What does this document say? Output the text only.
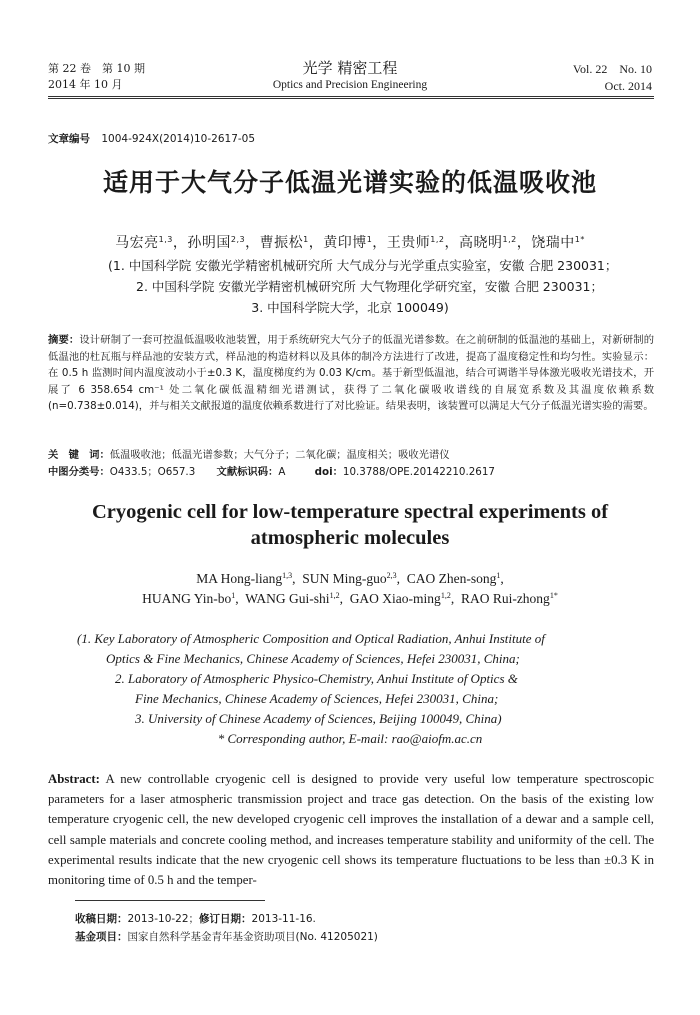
第 22 卷　第 10 期
2014 年 10 月
光学 精密工程
Optics and Precision Engineering
Vol. 22　No. 10
Oct. 2014
文章编号 1004-924X(2014)10-2617-05
适用于大气分子低温光谱实验的低温吸收池
马宏亮$^{1,3}$，孙明国$^{2,3}$，曹振松$^1$，黄印博$^1$，王贵师$^{1,2}$，高晓明$^{1,2}$，饶瑞中$^{1*}$
(1. 中国科学院 安徽光学精密机械研究所 大气成分与光学重点实验室，安徽 合肥 230031；
2. 中国科学院 安徽光学精密机械研究所 大气物理化学研究室，安徽 合肥 230031；
3. 中国科学院大学，北京 100049)
摘要：设计研制了一套可控温低温吸收池装置，用于系统研究大气分子的低温光谱参数。在之前研制的低温池的基础上，对新研制的低温池的杜瓦瓶与样品池的安装方式，样品池的构造材料以及具体的制冷方法进行了改进，提高了温度稳定性和均匀性。实验显示：在 0.5 h 监测时间内温度波动小于±0.3 K，温度梯度约为 0.03 K/cm。基于新型低温池，结合可调谐半导体激光吸收光谱技术，开展了 6 358.654 cm⁻¹ 处二氧化碳低温精细光谱测试，获得了二氧化碳吸收谱线的自展宽系数及其温度依赖系数(n=0.738±0.014)，并与相关文献报道的温度依赖系数进行了对比验证。结果表明，该装置可以满足大气分子低温光谱实验的需要。
关　键　词：低温吸收池；低温光谱参数；大气分子；二氧化碳；温度相关；吸收光谱仪
中图分类号：O433.5；O657.3 文献标识码：A	doi：10.3788/OPE.20142210.2617
Cryogenic cell for low-temperature spectral experiments of
atmospheric molecules
MA Hong-liang$^{1,3}$,  SUN Ming-guo$^{2,3}$,  CAO Zhen-song$^1$,
HUANG Yin-$bo^1$,  WANG Gui-shi$^{1,2}$,  GAO Xiao-ming$^{1,2}$,  RAO Rui-zhong$^{1*}$
(1. Key Laboratory of Atmospheric Composition and Optical Radiation, Anhui Institute of
Optics & Fine Mechanics, Chinese Academy of Sciences, Hefei 230031, China;
2. Laboratory of Atmospheric Physico-Chemistry, Anhui Institute of Optics &
Fine Mechanics, Chinese Academy of Sciences, Hefei 230031, China;
3. University of Chinese Academy of Sciences, Beijing 100049, China)
* Corresponding author, E-mail: rao@aiofm.ac.cn
Abstract: A new controllable cryogenic cell is designed to provide very useful low temperature spectroscopic parameters for a laser atmospheric transmission project and trace gas detection. On the basis of the existing low temperature cryogenic cell, the new developed cryogenic cell improves the installation of a dewar and a sample cell, cell sample materials and concrete cooling method, and increases temperature stability and uniformity of the cell. The experimental results indicate that the new cryogenic cell shows its temperature fluctuations to be less than ±0.3 K in monitoring time of 0.5 h and the temper-
收稿日期：2013-10-22；修订日期：2013-11-16.
基金项目：国家自然科学基金青年基金资助项目(No. 41205021)
